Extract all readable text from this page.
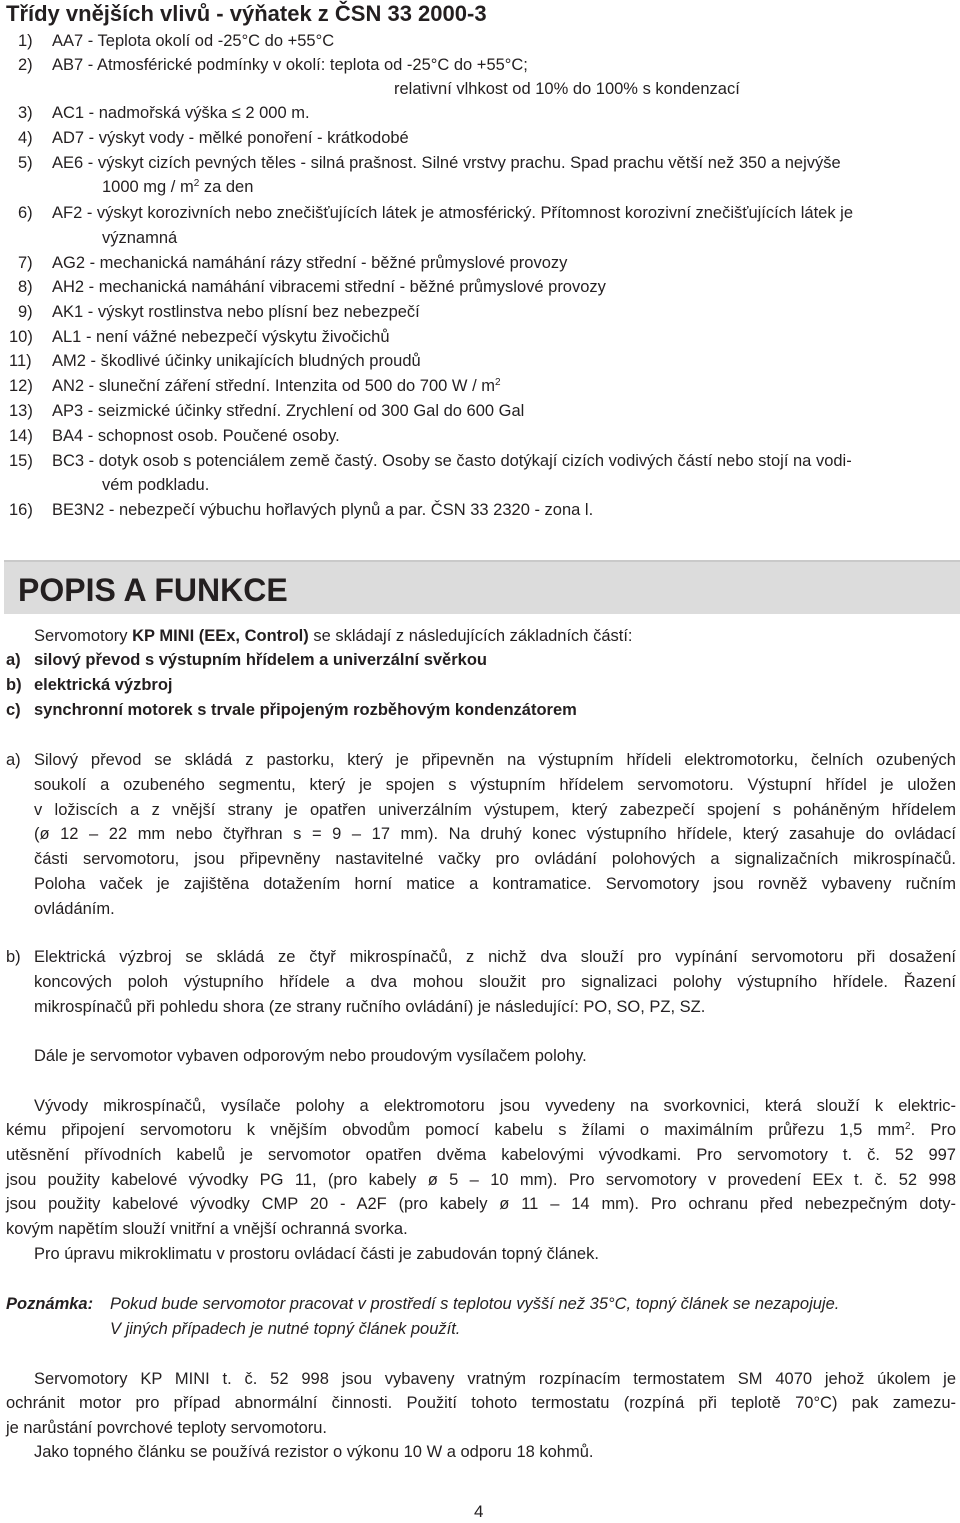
Třídy vnějších vlivů - výňatek z ČSN 33 2000-3
1) AA7 - Teplota okolí od -25°C do +55°C
2) AB7 - Atmosférické podmínky v okolí: teplota od -25°C do +55°C;
relativní vlhkost od 10% do 100% s kondenzací
3) AC1 - nadmořská výška ≤ 2 000 m.
4) AD7 - výskyt vody - mělké ponoření - krátkodobé
5) AE6 - výskyt cizích pevných těles - silná prašnost. Silné vrstvy prachu. Spad prachu větší než 350 a nejvýše
1000 mg / $m^2$ za den
6) AF2 - výskyt korozivních nebo znečišťujících látek je atmosférický. Přítomnost korozivní znečišťujících látek je
významná
7) AG2 - mechanická namáhání rázy střední - běžné průmyslové provozy
8) AH2 - mechanická namáhání vibracemi střední - běžné průmyslové provozy
9) AK1 - výskyt rostlinstva nebo plísní bez nebezpečí
10) AL1 - není vážné nebezpečí výskytu živočichů
11) AM2 - škodlivé účinky unikajících bludných proudů
12) AN2 - sluneční záření střední. Intenzita od 500 do 700 W / $m^2$
13) AP3 - seizmické účinky střední. Zrychlení od 300 Gal do 600 Gal
14) BA4 - schopnost osob. Poučené osoby.
15) BC3 - dotyk osob s potenciálem země častý. Osoby se často dotýkají cizích vodivých částí nebo stojí na vodi-
vém podkladu.
16) BE3N2 - nebezpečí výbuchu hořlavých plynů a par. ČSN 33 2320 - zona l.
POPIS A FUNKCE
Servomotory KP MINI (EEx, Control) se skládají z následujících základních částí:
a) silový převod s výstupním hřídelem a univerzální svěrkou
b) elektrická výzbroj
c) synchronní motorek s trvale připojeným rozběhovým kondenzátorem
a) Silový převod se skládá z pastorku, který je připevněn na výstupním hřídeli elektromotorku, čelních ozubených
soukolí a ozubeného segmentu, který je spojen s výstupním hřídelem servomotoru. Výstupní hřídel je uložen
v ložiscích a z vnější strany je opatřen univerzálním výstupem, který zabezpečí spojení s poháněným hřídelem
(ø 12 – 22 mm nebo čtyřhran s = 9 – 17 mm). Na druhý konec výstupního hřídele, který zasahuje do ovládací
části servomotoru, jsou připevněny nastavitelné vačky pro ovládání polohových a signalizačních mikrospínačů.
Poloha vaček je zajištěna dotažením horní matice a kontramatice. Servomotory jsou rovněž vybaveny ručním
ovládáním.
b) Elektrická výzbroj se skládá ze čtyř mikrospínačů, z nichž dva slouží pro vypínání servomotoru při dosažení
koncových poloh výstupního hřídele a dva mohou sloužit pro signalizaci polohy výstupního hřídele. Řazení
mikrospínačů při pohledu shora (ze strany ručního ovládání) je následující: PO, SO, PZ, SZ.
Dále je servomotor vybaven odporovým nebo proudovým vysílačem polohy.
Vývody mikrospínačů, vysílače polohy a elektromotoru jsou vyvedeny na svorkovnici, která slouží k elektric-
kému připojení servomotoru k vnějším obvodům pomocí kabelu s žílami o maximálním průřezu 1,5 $mm^2$. Pro
utěsnění přívodních kabelů je servomotor opatřen dvěma kabelovými vývodkami. Pro servomotory t. č. 52 997
jsou použity kabelové vývodky PG 11, (pro kabely ø 5 – 10 mm). Pro servomotory v provedení EEx t. č. 52 998
jsou použity kabelové vývodky CMP 20 - A2F (pro kabely ø 11 – 14 mm). Pro ochranu před nebezpečným doty-
kovým napětím slouží vnitřní a vnější ochranná svorka.
Pro úpravu mikroklimatu v prostoru ovládací části je zabudován topný článek.
Poznámka: Pokud bude servomotor pracovat v prostředí s teplotou vyšší než 35°C, topný článek se nezapojuje.
V jiných případech je nutné topný článek použít.
Servomotory KP MINI t. č. 52 998 jsou vybaveny vratným rozpínacím termostatem SM 4070 jehož úkolem je
ochránit motor pro případ abnormální činnosti. Použití tohoto termostatu (rozpíná při teplotě 70°C) pak zamezu-
je narůstání povrchové teploty servomotoru.
Jako topného článku se používá rezistor o výkonu 10 W a odporu 18 kohmů.
4
